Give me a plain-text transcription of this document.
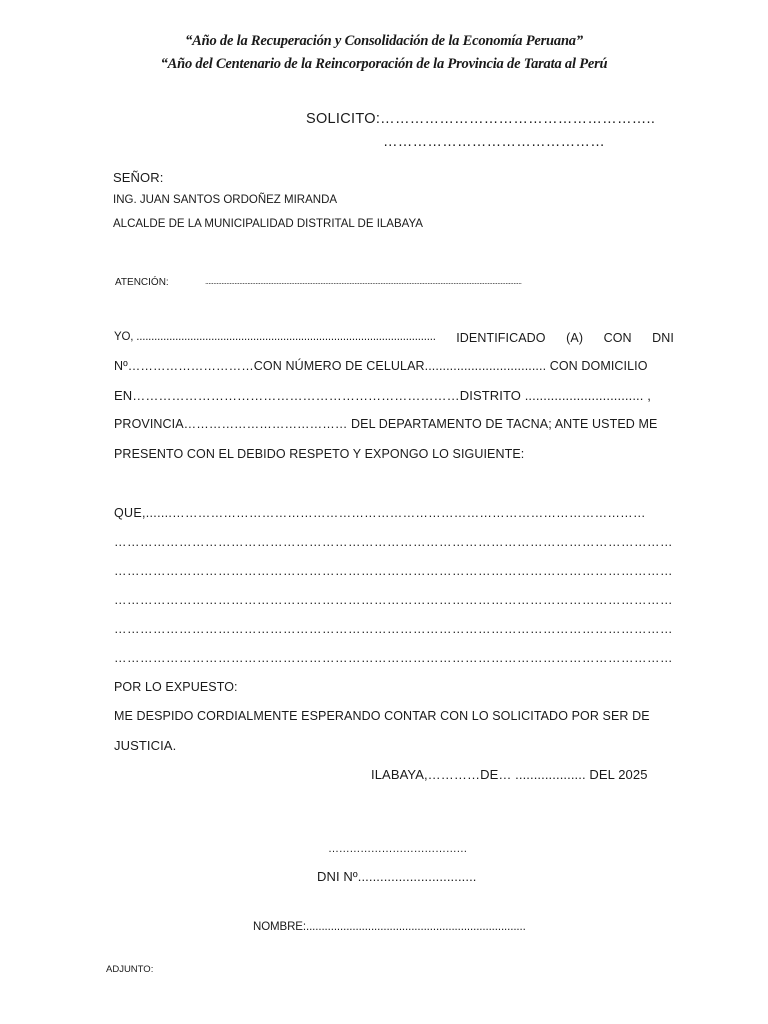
“Año de la Recuperación y Consolidación de la Economía Peruana”
“Año del Centenario de la Reincorporación de la Provincia de Tarata al Perú
SOLICITO:………………………………………………..
………………………………………
SEÑOR:
ING. JUAN SANTOS ORDOÑEZ MIRANDA
ALCALDE DE LA MUNICIPALIDAD DISTRITAL DE ILABAYA
ATENCIÓN:	...................................................................................................................................................................................................
YO, .................................................................................................... IDENTIFICADO (A) CON DNI
Nº…………………………CON NÚMERO DE CELULAR.................................. CON DOMICILIO
EN…………………………………………………………………DISTRITO ................................ ,
PROVINCIA………………………………… DEL DEPARTAMENTO DE TACNA; ANTE USTED ME
PRESENTO CON EL DEBIDO RESPETO Y EXPONGO LO SIGUIENTE:
QUE,.......…………………………………………………………………………………………………
…………………………………………………………………………………………………………………
…………………………………………………………………………………………………………………
…………………………………………………………………………………………………………………
…………………………………………………………………………………………………………………
…………………………………………………………………………………………………………………
POR LO EXPUESTO:
ME DESPIDO CORDIALMENTE ESPERANDO CONTAR CON LO SOLICITADO POR SER DE
JUSTICIA.
ILABAYA,…………DE… ................... DEL 2025
…………………………………
DNI Nº................................
NOMBRE:.......................................................................
ADJUNTO:
